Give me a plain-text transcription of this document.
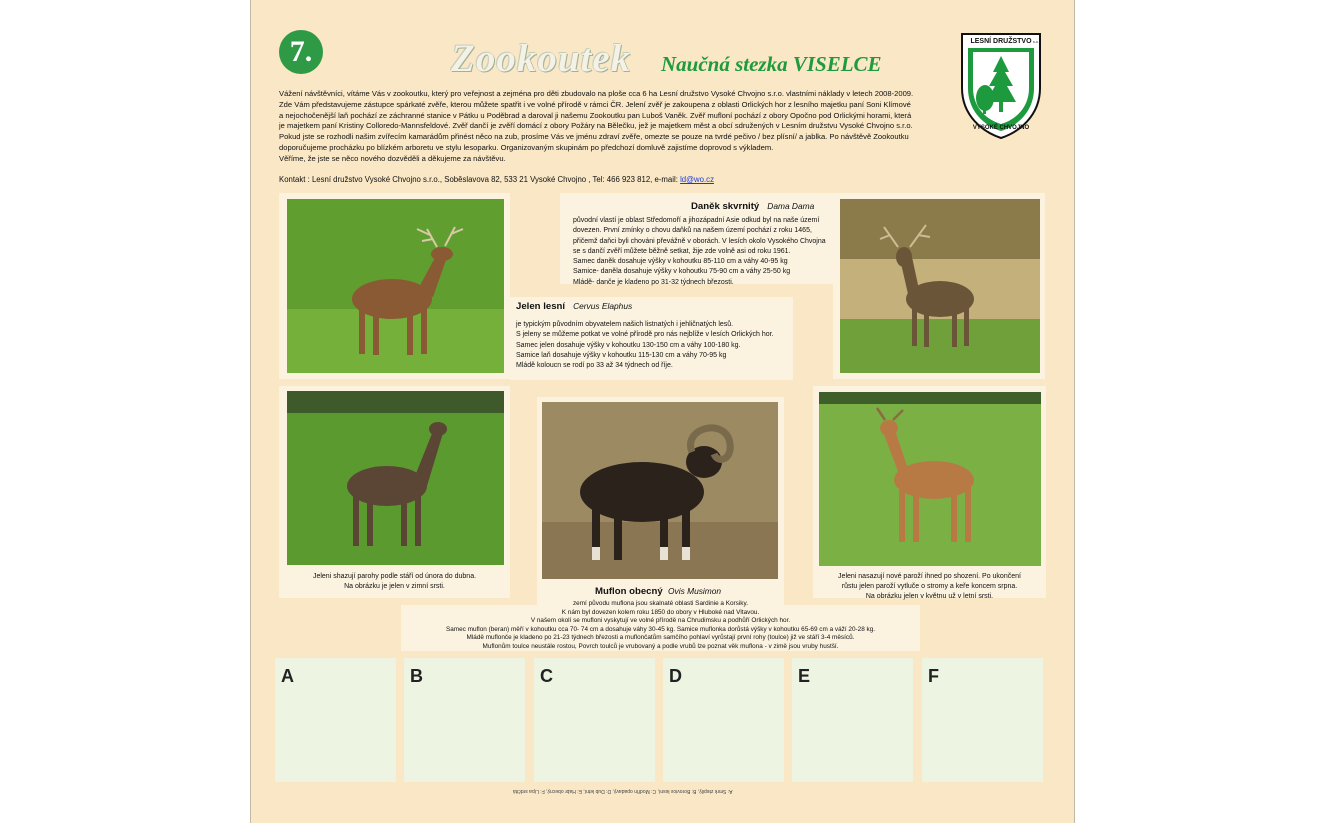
7.	Zookoutek Naučná stezka VISELCE
LESNÍ DRUŽSTVO s.o.
VYSOKÉ CHVOJNO
Vážení návštěvníci, vítáme Vás v zookoutku, který pro veřejnost a zejména pro děti zbudovalo na ploše cca 6 ha Lesní družstvo Vysoké Chvojno s.r.o. vlastními náklady v letech 2008-2009.
Zde Vám představujeme zástupce spárkaté zvěře, kterou můžete spatřit i ve volné přírodě v rámci ČR. Jelení zvěř je zakoupena z oblasti Orlických hor z lesního majetku paní Soni Klímové
a nejochočenější laň pochází ze záchranné stanice v Pátku u Poděbrad a daroval ji našemu Zookoutku pan Luboš Vaněk. Zvěř mufloní pochází z obory Opočno pod Orlickými horami, která
je majetkem paní Kristiny Colloredo-Mannsfeldové. Zvěř dančí je zvěří domácí z obory Požáry na Bělečku, jež je majetkem měst a obcí sdružených v Lesním družstvu Vysoké Chvojno s.r.o.
Pokud jste se rozhodli našim zvířecím kamarádům přinést něco na zub, prosíme Vás ve jménu zdraví zvěře, omezte se pouze na tvrdé pečivo / bez plísní/ a jablka. Po návštěvě Zookoutku
doporučujeme procházku po blízkém arboretu ve stylu lesoparku. Organizovaným skupinám po předchozí domluvě zajistíme doprovod s výkladem.
Věříme, že jste se něco nového dozvěděli a děkujeme za návštěvu.
Kontakt : Lesní družstvo Vysoké Chvojno s.r.o., Soběslavova 82, 533 21 Vysoké Chvojno , Tel: 466 923 812, e-mail: ld@wo.cz
Daněk skvrnitý Dama Dama
původní vlastí je oblast Středomoří a jihozápadní Asie odkud byl na naše území
dovezen. První zmínky o chovu daňků na našem území pochází z roku 1465,
přičemž daňci byli chováni převážně v oborách. V lesích okolo Vysokého Chvojna
se s dančí zvěří můžete běžně setkat, žije zde volně asi od roku 1961.
Samec daněk dosahuje výšky v kohoutku 85-110 cm a váhy 40-95 kg
Samice- daněla dosahuje výšky v kohoutku 75-90 cm a váhy 25-50 kg
Mládě- danče je kladeno po 31-32 týdnech březosti.
Jelen lesní Cervus Elaphus
je typickým původním obyvatelem našich listnatých i jehličnatých lesů.
S jeleny se můžeme potkat ve volné přírodě pro nás nejblíže v lesích Orlických hor.
Samec jelen dosahuje výšky v kohoutku 130-150 cm a váhy 100-180 kg.
Samice laň dosahuje výšky v kohoutku 115-130 cm a váhy 70-95 kg
Mládě koloucn se rodí po 33 až 34 týdnech od říje.
Jeleni shazují parohy podle stáří od února do dubna.
Na obrázku je jelen v zimní srsti.	Muflon obecný Ovis Musimon
zemí původu muflona jsou skalnaté oblasti Sardinie a Korsiky.
K nám byl dovezen kolem roku 1850 do obory v Hluboké nad Vltavou.
V našem okolí se mufloni vyskytují ve volné přírodě na Chrudimsku a podhůří Orlických hor.
Samec muflon (beran) měří v kohoutku cca 70- 74 cm a dosahuje váhy 30-45 kg. Samice muflonka dorůstá výšky v kohoutku 65-69 cm a váží 20-28 kg.
Mládě muflonče je kladeno po 21-23 týdnech březosti a muflončatům samčího pohlaví vyrůstají první rohy (toulce) již ve stáří 3-4 měsíců.
Muflonům toulce neustále rostou, Povrch toulců je vrubovaný a podle vrubů lze poznat věk muflona - v zimě jsou vruby hustší.
Jeleni nasazují nové paroží ihned po shození. Po ukončení
růstu jelen paroží vytluče o stromy a keře koncem srpna.
Na obrázku jelen v květnu už v letní srsti.
A	B	C	D	E	F
A: Smrk ztepilý, B: Borovice lesní, C: Modřín opadavý, D: Dub letní, E: Habr obecný, F: Lípa srdčitá
